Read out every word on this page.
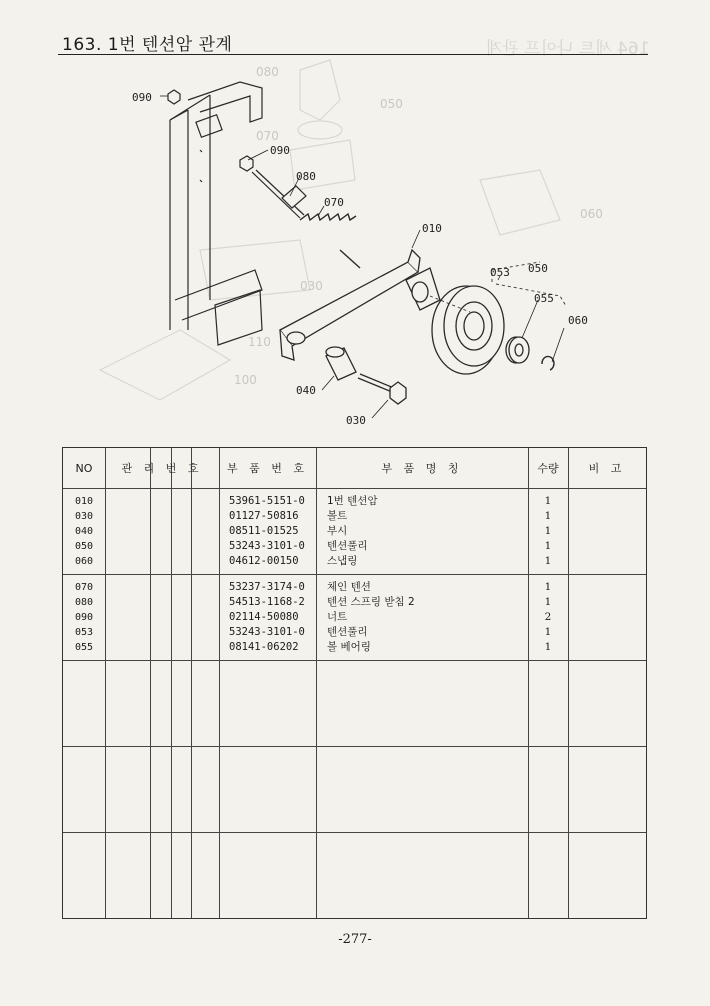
164 세트 나이프 관계
163. 1번 텐션암 관계
080
070
050
030
060
110
100
090
090
080
070
010
053 050
055
060
040
030
NO	관 리 번 호	부 품 번 호	부 품 명 칭	수량	비 고
010	53961-5151-0 1번 텐션암	1
030	01127-50816	볼트	1
040	08511-01525	부시	1
050	53243-3101-0 텐션풀리	1
060	04612-00150	스냅링	1
070	53237-3174-0 체인 텐션	1
080	54513-1168-2 텐션 스프링 받침 2	1
090	02114-50080	너트	2
053	53243-3101-0 텐션풀리	1
055	08141-06202	볼 베어링	1
-277-
